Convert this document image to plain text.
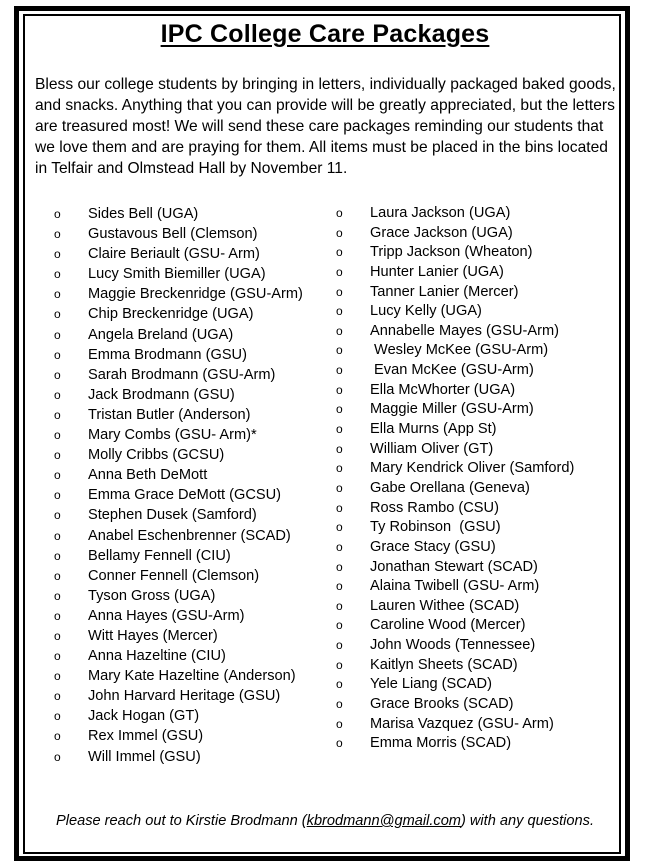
IPC College Care Packages

Bless our college students by bringing in letters, individually packaged baked goods, and snacks. Anything that you can provide will be greatly appreciated, but the letters are treasured most! We will send these care packages reminding our students that we love them and are praying for them. All items must be placed in the bins located in Telfair and Olmstead Hall by November 11.

o	Sides Bell (UGA)
o	Gustavous Bell (Clemson)
o	Claire Beriault (GSU- Arm)
o	Lucy Smith Biemiller (UGA)
o	Maggie Breckenridge (GSU-Arm)
o	Chip Breckenridge (UGA)
o	Angela Breland (UGA)
o	Emma Brodmann (GSU)
o	Sarah Brodmann (GSU-Arm)
o	Jack Brodmann (GSU)
o	Tristan Butler (Anderson)
o	Mary Combs (GSU- Arm)*
o	Molly Cribbs (GCSU)
o	Anna Beth DeMott
o	Emma Grace DeMott (GCSU)
o	Stephen Dusek (Samford)
o	Anabel Eschenbrenner (SCAD)
o	Bellamy Fennell (CIU)
o	Conner Fennell (Clemson)
o	Tyson Gross (UGA)
o	Anna Hayes (GSU-Arm)
o	Witt Hayes (Mercer)
o	Anna Hazeltine (CIU)
o	Mary Kate Hazeltine (Anderson)
o	John Harvard Heritage (GSU)
o	Jack Hogan (GT)
o	Rex Immel (GSU)
o	Will Immel (GSU)
o	Laura Jackson (UGA)
o	Grace Jackson (UGA)
o	Tripp Jackson (Wheaton)
o	Hunter Lanier (UGA)
o	Tanner Lanier (Mercer)
o	Lucy Kelly (UGA)
o	Annabelle Mayes (GSU-Arm)
o	Wesley McKee (GSU-Arm)
o	Evan McKee (GSU-Arm)
o	Ella McWhorter (UGA)
o	Maggie Miller (GSU-Arm)
o	Ella Murns (App St)
o	William Oliver (GT)
o	Mary Kendrick Oliver (Samford)
o	Gabe Orellana (Geneva)
o	Ross Rambo (CSU)
o	Ty Robinson  (GSU)
o	Grace Stacy (GSU)
o	Jonathan Stewart (SCAD)
o	Alaina Twibell (GSU- Arm)
o	Lauren Withee (SCAD)
o	Caroline Wood (Mercer)
o	John Woods (Tennessee)
o	Kaitlyn Sheets (SCAD)
o	Yele Liang (SCAD)
o	Grace Brooks (SCAD)
o	Marisa Vazquez (GSU- Arm)
o	Emma Morris (SCAD)
Please reach out to Kirstie Brodmann (kbrodmann@gmail.com) with any questions.
